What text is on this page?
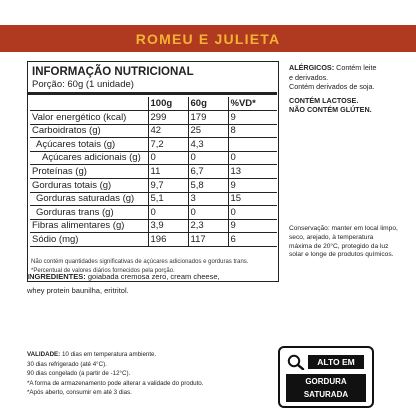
ROMEU E JULIETA
INFORMAÇÃO NUTRICIONAL
Porção: 60g (1 unidade)
	100g	60g	%VD*
Valor energético (kcal)	299	179	9
Carboidratos (g)	42	25	8
Açúcares totais (g)	7,2	4,3	
Açúcares adicionais (g)	0	0	0
Proteínas (g)	11	6,7	13
Gorduras totais (g)	9,7	5,8	9
Gorduras saturadas (g)	5,1	3	15
Gorduras trans (g)	0	0	0
Fibras alimentares (g)	3,9	2,3	9
Sódio (mg)	196	117	6
Não contém quantidades significativas de açúcares adicionados e gorduras trans.
*Percentual de valores diários fornecidos pela porção.
ALÉRGICOS: Contém leite
e derivados.
Contém derivados de soja.
CONTÉM LACTOSE.
NÃO CONTÉM GLÚTEN.
Conservação: manter em local limpo,
seco, arejado, à temperatura
máxima de 20°C, protegido da luz
solar e longe de produtos químicos.
INGREDIENTES: goiabada cremosa zero, cream cheese,
whey protein baunilha, eritritol.
VALIDADE: 10 dias em temperatura ambiente.
30 dias refrigerado (até 4°C).
90 dias congelado (a partir de -12°C).
*A forma de armazenamento pode alterar a validade do produto.
*Após aberto, consumir em até 3 dias.
ALTO EM
GORDURA
SATURADA
